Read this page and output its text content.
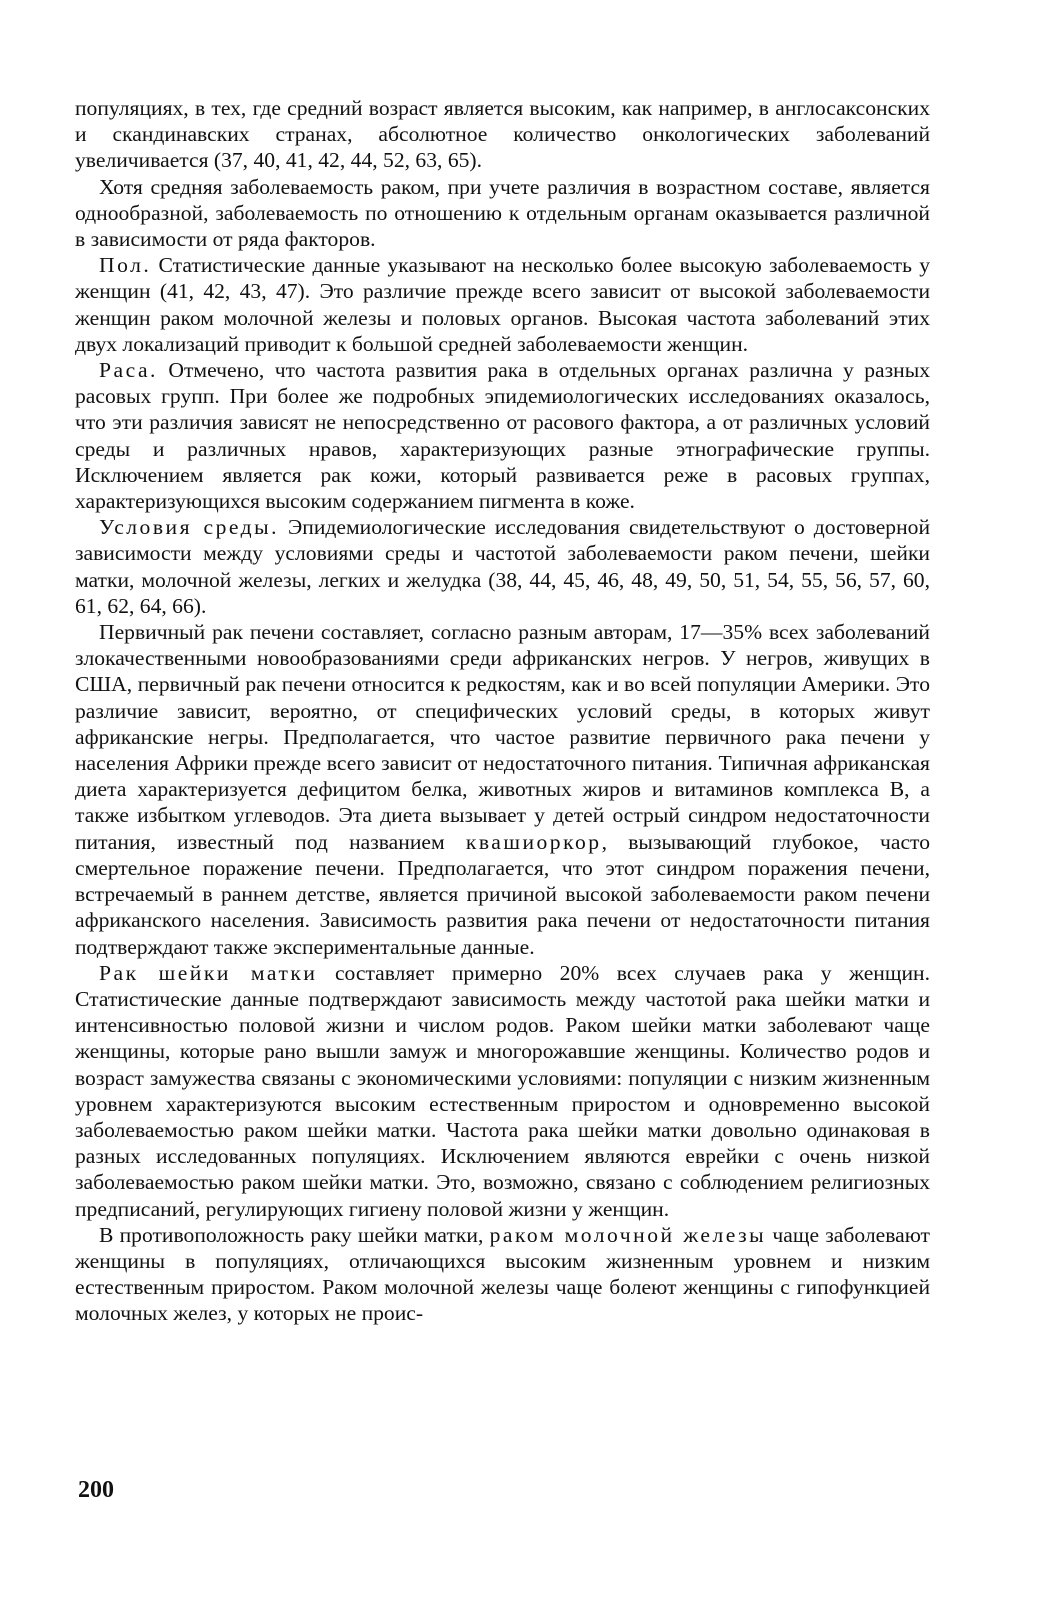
популяциях, в тех, где средний возраст является высоким, как например, в англосаксонских и скандинавских странах, абсолютное количество онкологических заболеваний увеличивается (37, 40, 41, 42, 44, 52, 63, 65).

Хотя средняя заболеваемость раком, при учете различия в возрастном составе, является однообразной, заболеваемость по отношению к отдельным органам оказывается различной в зависимости от ряда факторов.

Пол. Статистические данные указывают на несколько более высокую заболеваемость у женщин (41, 42, 43, 47). Это различие прежде всего зависит от высокой заболеваемости женщин раком молочной железы и половых органов. Высокая частота заболеваний этих двух локализаций приводит к большой средней заболеваемости женщин.

Раса. Отмечено, что частота развития рака в отдельных органах различна у разных расовых групп. При более же подробных эпидемиологических исследованиях оказалось, что эти различия зависят не непосредственно от расового фактора, а от различных условий среды и различных нравов, характеризующих разные этнографические группы. Исключением является рак кожи, который развивается реже в расовых группах, характеризующихся высоким содержанием пигмента в коже.

Условия среды. Эпидемиологические исследования свидетельствуют о достоверной зависимости между условиями среды и частотой заболеваемости раком печени, шейки матки, молочной железы, легких и желудка (38, 44, 45, 46, 48, 49, 50, 51, 54, 55, 56, 57, 60, 61, 62, 64, 66).

Первичный рак печени составляет, согласно разным авторам, 17—35% всех заболеваний злокачественными новообразованиями среди африканских негров. У негров, живущих в США, первичный рак печени относится к редкостям, как и во всей популяции Америки. Это различие зависит, вероятно, от специфических условий среды, в которых живут африканские негры. Предполагается, что частое развитие первичного рака печени у населения Африки прежде всего зависит от недостаточного питания. Типичная африканская диета характеризуется дефицитом белка, животных жиров и витаминов комплекса В, а также избытком углеводов. Эта диета вызывает у детей острый синдром недостаточности питания, известный под названием квашиоркор, вызывающий глубокое, часто смертельное поражение печени. Предполагается, что этот синдром поражения печени, встречаемый в раннем детстве, является причиной высокой заболеваемости раком печени африканского населения. Зависимость развития рака печени от недостаточности питания подтверждают также экспериментальные данные.

Рак шейки матки составляет примерно 20% всех случаев рака у женщин. Статистические данные подтверждают зависимость между частотой рака шейки матки и интенсивностью половой жизни и числом родов. Раком шейки матки заболевают чаще женщины, которые рано вышли замуж и многорожавшие женщины. Количество родов и возраст замужества связаны с экономическими условиями: популяции с низким жизненным уровнем характеризуются высоким естественным приростом и одновременно высокой заболеваемостью раком шейки матки. Частота рака шейки матки довольно одинаковая в разных исследованных популяциях. Исключением являются еврейки с очень низкой заболеваемостью раком шейки матки. Это, возможно, связано с соблюдением религиозных предписаний, регулирующих гигиену половой жизни у женщин.

В противоположность раку шейки матки, раком молочной железы чаще заболевают женщины в популяциях, отличающихся высоким жизненным уровнем и низким естественным приростом. Раком молочной железы чаще болеют женщины с гипофункцией молочных желез, у которых не проис-

200
